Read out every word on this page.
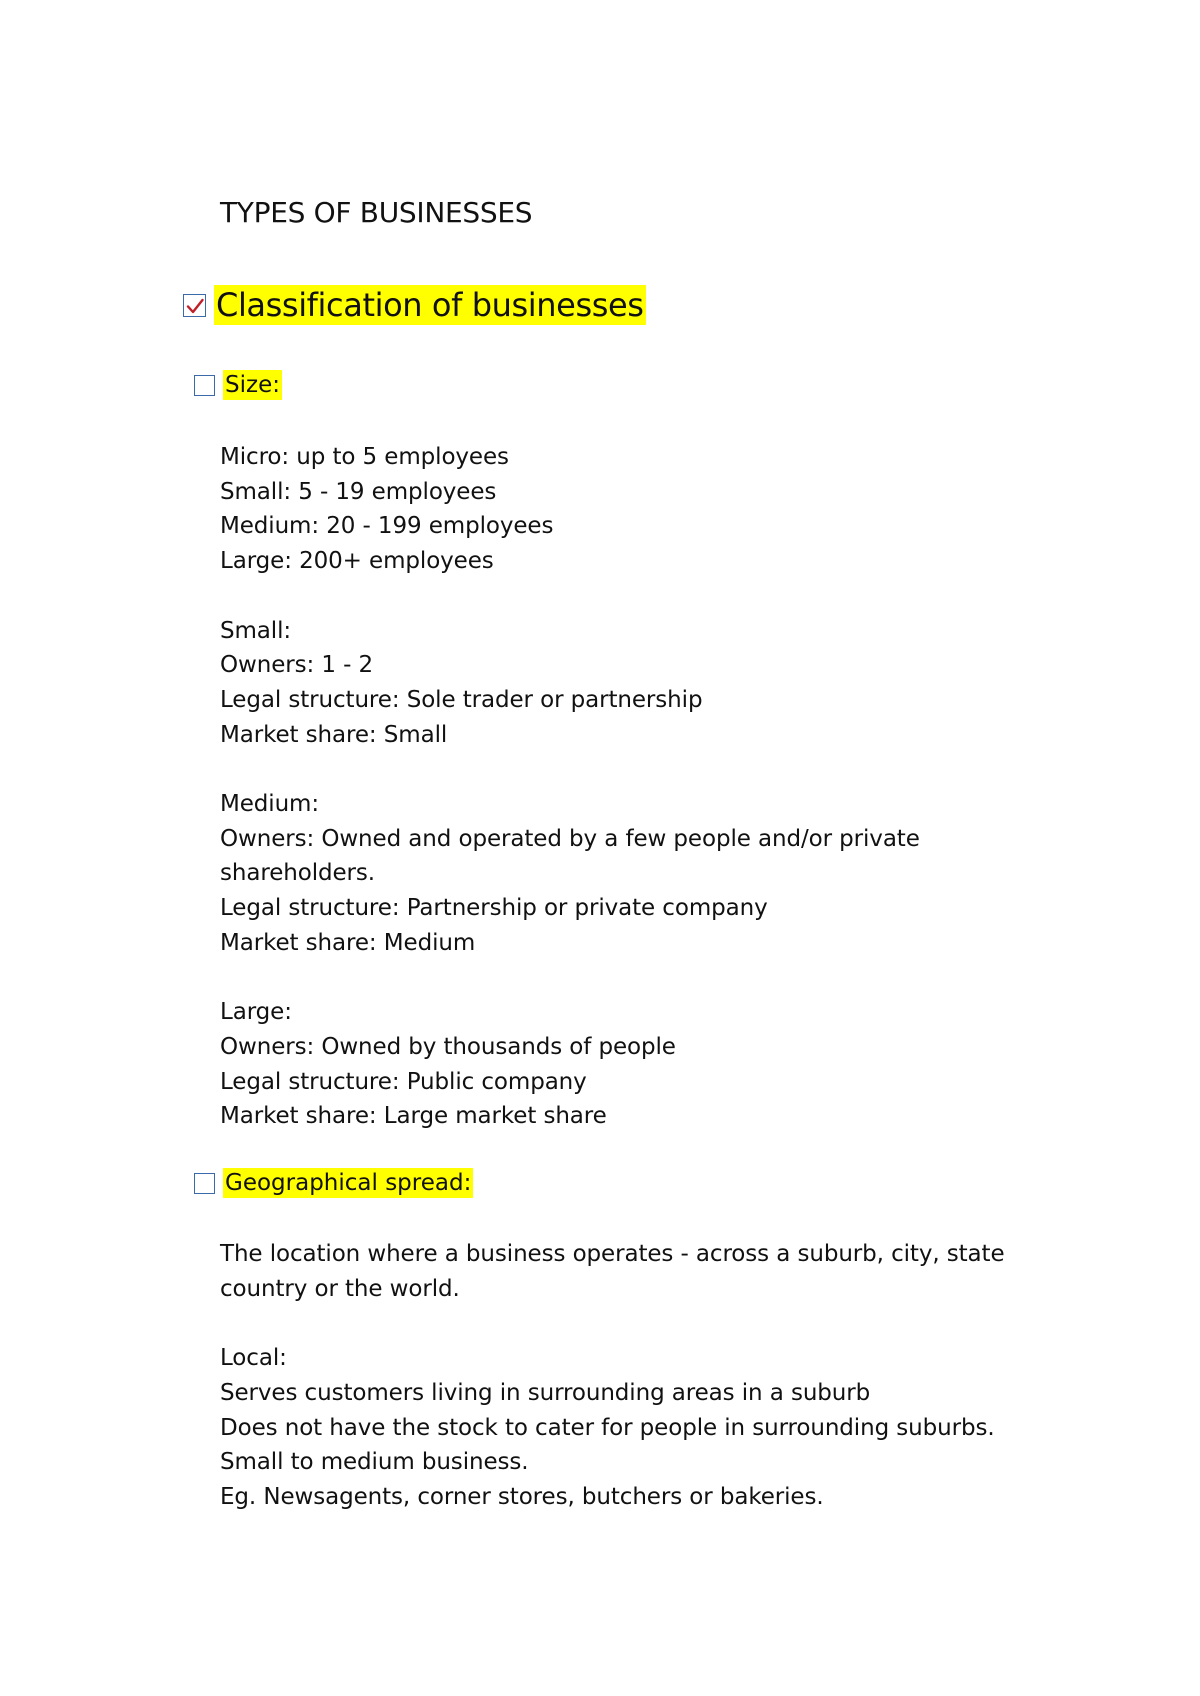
TYPES OF BUSINESSES
Classification of businesses
Size:
Micro: up to 5 employees
Small: 5 - 19 employees
Medium: 20 - 199 employees
Large: 200+ employees
Small:
Owners: 1 - 2
Legal structure: Sole trader or partnership
Market share: Small
Medium:
Owners: Owned and operated by a few people and/or private
shareholders.
Legal structure: Partnership or private company
Market share: Medium
Large:
Owners: Owned by thousands of people
Legal structure: Public company
Market share: Large market share
Geographical spread:
The location where a business operates - across a suburb, city, state
country or the world.
Local:
Serves customers living in surrounding areas in a suburb
Does not have the stock to cater for people in surrounding suburbs.
Small to medium business.
Eg. Newsagents, corner stores, butchers or bakeries.
